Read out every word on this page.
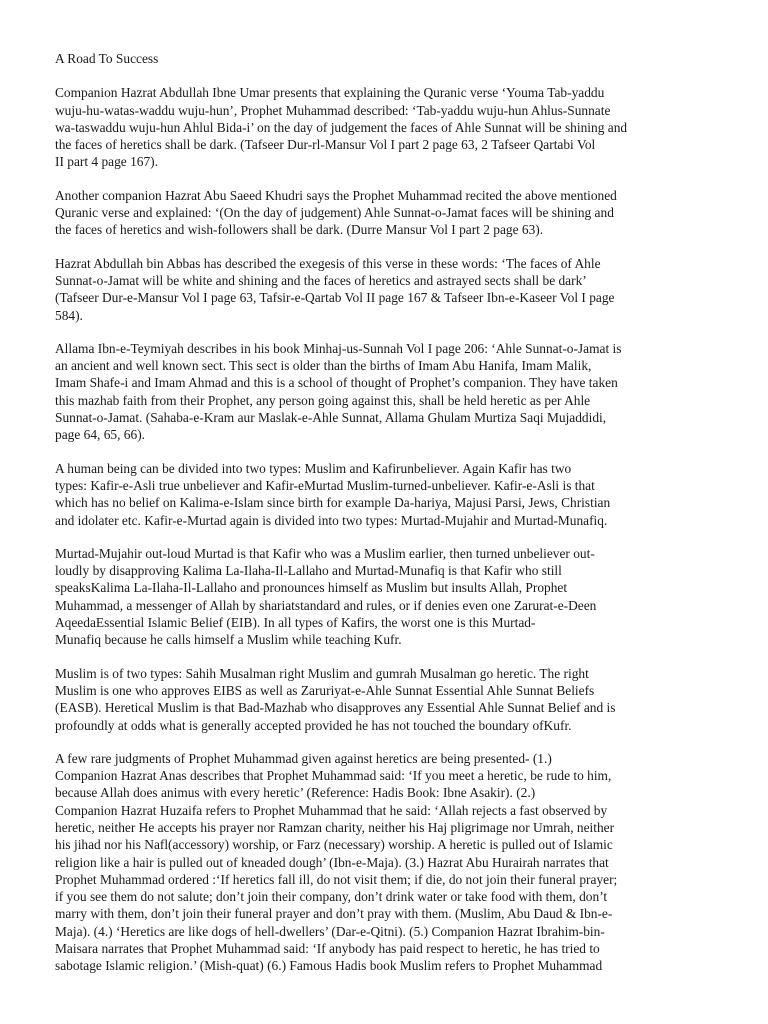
A Road To Success
Companion Hazrat Abdullah Ibne Umar presents that explaining the Quranic verse ‘Youma Tab-yaddu
wuju-hu-watas-waddu wuju-hun’, Prophet Muhammad described: ‘Tab-yaddu wuju-hun Ahlus-Sunnate
wa-taswaddu wuju-hun Ahlul Bida-i’ on the day of judgement the faces of Ahle Sunnat will be shining and
the faces of heretics shall be dark. (Tafseer Dur-rl-Mansur Vol I part 2 page 63, 2 Tafseer Qartabi Vol
II part 4 page 167).
Another companion Hazrat Abu Saeed Khudri says the Prophet Muhammad recited the above mentioned
Quranic verse and explained: ‘(On the day of judgement) Ahle Sunnat-o-Jamat faces will be shining and
the faces of heretics and wish-followers shall be dark. (Durre Mansur Vol I part 2 page 63).
Hazrat Abdullah bin Abbas has described the exegesis of this verse in these words: ‘The faces of Ahle
Sunnat-o-Jamat will be white and shining and the faces of heretics and astrayed sects shall be dark’
(Tafseer Dur-e-Mansur Vol I page 63, Tafsir-e-Qartab Vol II page 167 & Tafseer Ibn-e-Kaseer Vol I page
584).
Allama Ibn-e-Teymiyah describes in his book Minhaj-us-Sunnah Vol I page 206: ‘Ahle Sunnat-o-Jamat is
an ancient and well known sect. This sect is older than the births of Imam Abu Hanifa, Imam Malik,
Imam Shafe-i and Imam Ahmad and this is a school of thought of Prophet’s companion. They have taken
this mazhab faith from their Prophet, any person going against this, shall be held heretic as per Ahle
Sunnat-o-Jamat. (Sahaba-e-Kram aur Maslak-e-Ahle Sunnat, Allama Ghulam Murtiza Saqi Mujaddidi,
page 64, 65, 66).
A human being can be divided into two types: Muslim and Kafirunbeliever. Again Kafir has two
types: Kafir-e-Asli true unbeliever and Kafir-eMurtad Muslim-turned-unbeliever. Kafir-e-Asli is that
which has no belief on Kalima-e-Islam since birth for example Da-hariya, Majusi Parsi, Jews, Christian
and idolater etc. Kafir-e-Murtad again is divided into two types: Murtad-Mujahir and Murtad-Munafiq.
Murtad-Mujahir out-loud Murtad is that Kafir who was a Muslim earlier, then turned unbeliever out-
loudly by disapproving Kalima La-Ilaha-Il-Lallaho and Murtad-Munafiq is that Kafir who still
speaksKalima La-Ilaha-Il-Lallaho and pronounces himself as Muslim but insults Allah, Prophet
Muhammad, a messenger of Allah by shariatstandard and rules, or if denies even one Zarurat-e-Deen
AqeedaEssential Islamic Belief (EIB). In all types of Kafirs, the worst one is this Murtad-
Munafiq because he calls himself a Muslim while teaching Kufr.
Muslim is of two types: Sahih Musalman right Muslim and gumrah Musalman go heretic. The right
Muslim is one who approves EIBS as well as Zaruriyat-e-Ahle Sunnat Essential Ahle Sunnat Beliefs
(EASB). Heretical Muslim is that Bad-Mazhab who disapproves any Essential Ahle Sunnat Belief and is
profoundly at odds what is generally accepted provided he has not touched the boundary ofKufr.
A few rare judgments of Prophet Muhammad given against heretics are being presented- (1.)
Companion Hazrat Anas describes that Prophet Muhammad said: ‘If you meet a heretic, be rude to him,
because Allah does animus with every heretic’ (Reference: Hadis Book: Ibne Asakir). (2.)
Companion Hazrat Huzaifa refers to Prophet Muhammad that he said: ‘Allah rejects a fast observed by
heretic, neither He accepts his prayer nor Ramzan charity, neither his Haj pligrimage nor Umrah, neither
his jihad nor his Nafl(accessory) worship, or Farz (necessary) worship. A heretic is pulled out of Islamic
religion like a hair is pulled out of kneaded dough’ (Ibn-e-Maja). (3.) Hazrat Abu Hurairah narrates that
Prophet Muhammad ordered :‘If heretics fall ill, do not visit them; if die, do not join their funeral prayer;
if you see them do not salute; don’t join their company, don’t drink water or take food with them, don’t
marry with them, don’t join their funeral prayer and don’t pray with them. (Muslim, Abu Daud & Ibn-e-
Maja). (4.) ‘Heretics are like dogs of hell-dwellers’ (Dar-e-Qitni). (5.) Companion Hazrat Ibrahim-bin-
Maisara narrates that Prophet Muhammad said: ‘If anybody has paid respect to heretic, he has tried to
sabotage Islamic religion.’ (Mish-quat) (6.) Famous Hadis book Muslim refers to Prophet Muhammad
